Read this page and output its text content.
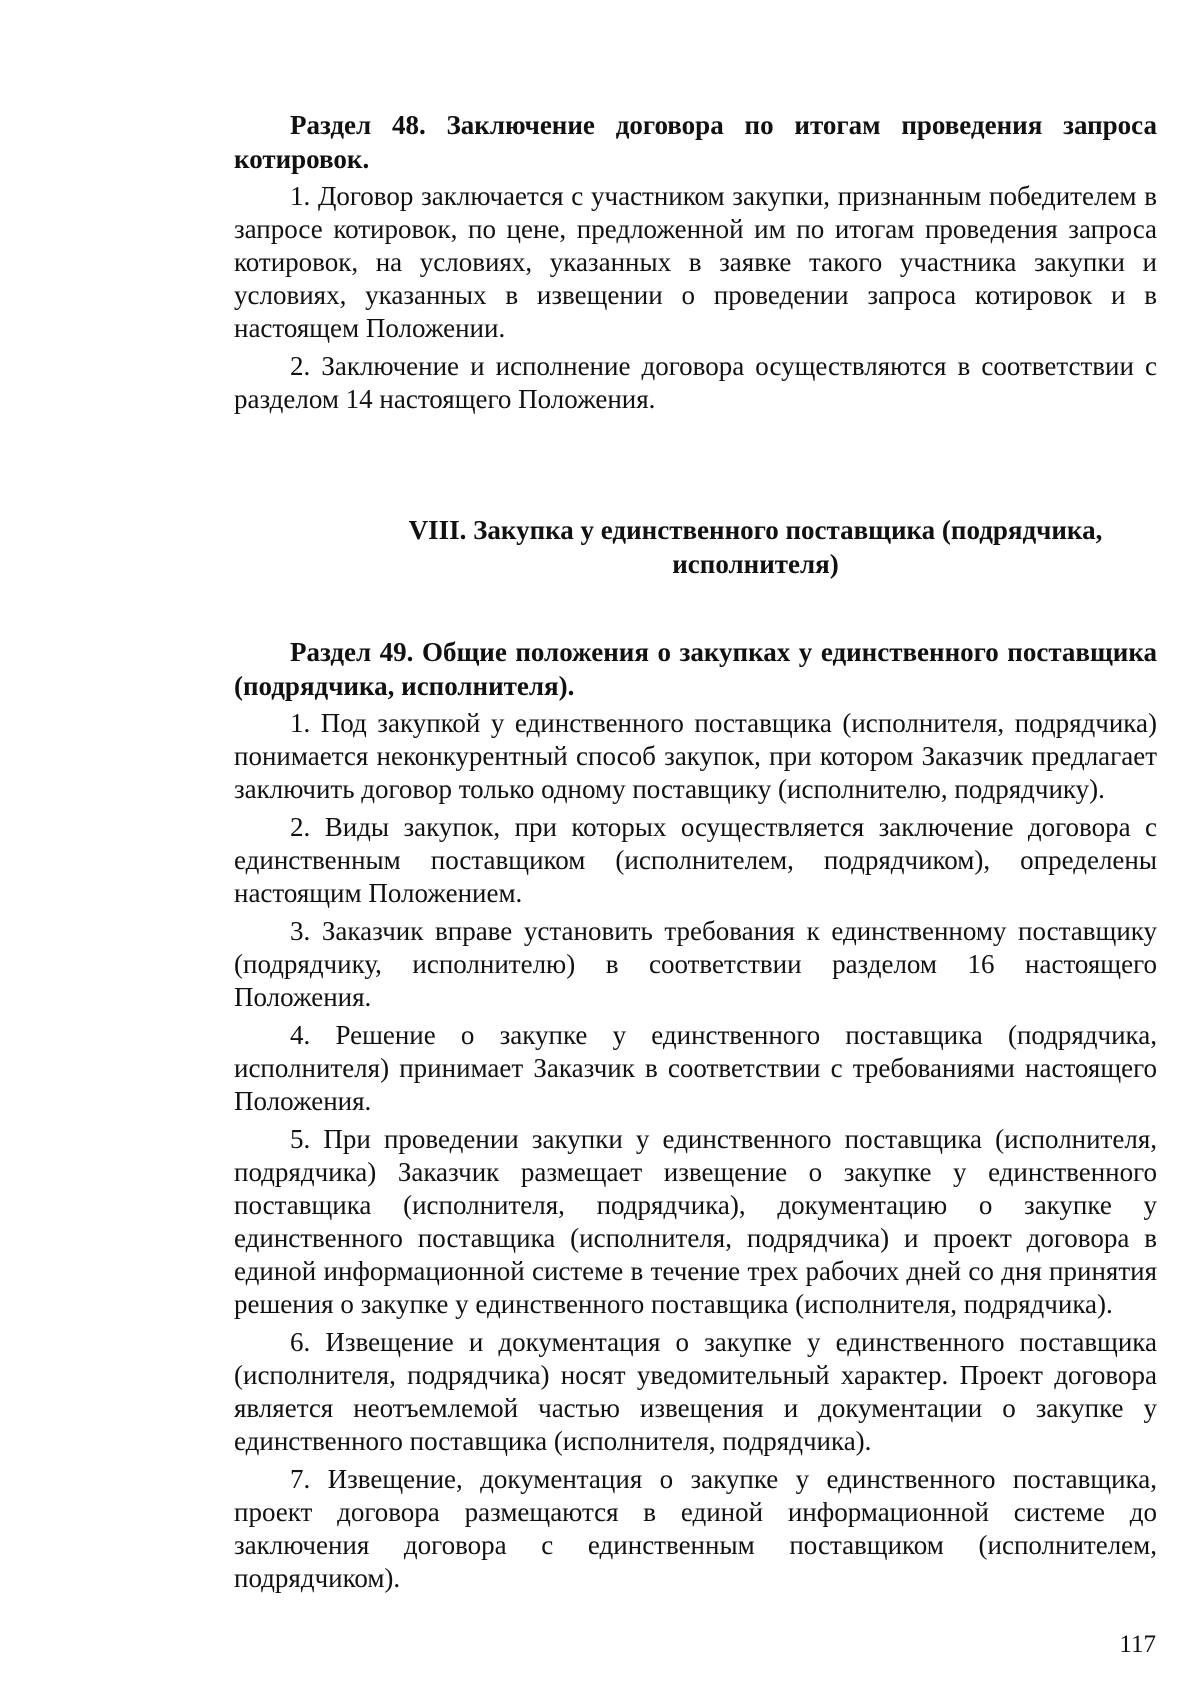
Раздел 48. Заключение договора по итогам проведения запроса котировок.

1. Договор заключается с участником закупки, признанным победителем в запросе котировок, по цене, предложенной им по итогам проведения запроса котировок, на условиях, указанных в заявке такого участника закупки и условиях, указанных в извещении о проведении запроса котировок и в настоящем Положении.

2. Заключение и исполнение договора осуществляются в соответствии с разделом 14 настоящего Положения.

VIII. Закупка у единственного поставщика (подрядчика,

исполнителя)

Раздел 49. Общие положения о закупках у единственного поставщика (подрядчика, исполнителя).

1. Под закупкой у единственного поставщика (исполнителя, подрядчика) понимается неконкурентный способ закупок, при котором Заказчик предлагает заключить договор только одному поставщику (исполнителю, подрядчику).

2. Виды закупок, при которых осуществляется заключение договора с единственным поставщиком (исполнителем, подрядчиком), определены настоящим Положением.

3. Заказчик вправе установить требования к единственному поставщику (подрядчику, исполнителю) в соответствии разделом 16 настоящего Положения.

4. Решение о закупке у единственного поставщика (подрядчика, исполнителя) принимает Заказчик в соответствии с требованиями настоящего Положения.

5. При проведении закупки у единственного поставщика (исполнителя, подрядчика) Заказчик размещает извещение о закупке у единственного поставщика (исполнителя, подрядчика), документацию о закупке у единственного поставщика (исполнителя, подрядчика) и проект договора в единой информационной системе в течение трех рабочих дней со дня принятия решения о закупке у единственного поставщика (исполнителя, подрядчика).

6. Извещение и документация о закупке у единственного поставщика (исполнителя, подрядчика) носят уведомительный характер. Проект договора является неотъемлемой частью извещения и документации о закупке у единственного поставщика (исполнителя, подрядчика).

7. Извещение, документация о закупке у единственного поставщика, проект договора размещаются в единой информационной системе до заключения договора с единственным поставщиком (исполнителем, подрядчиком).

117
